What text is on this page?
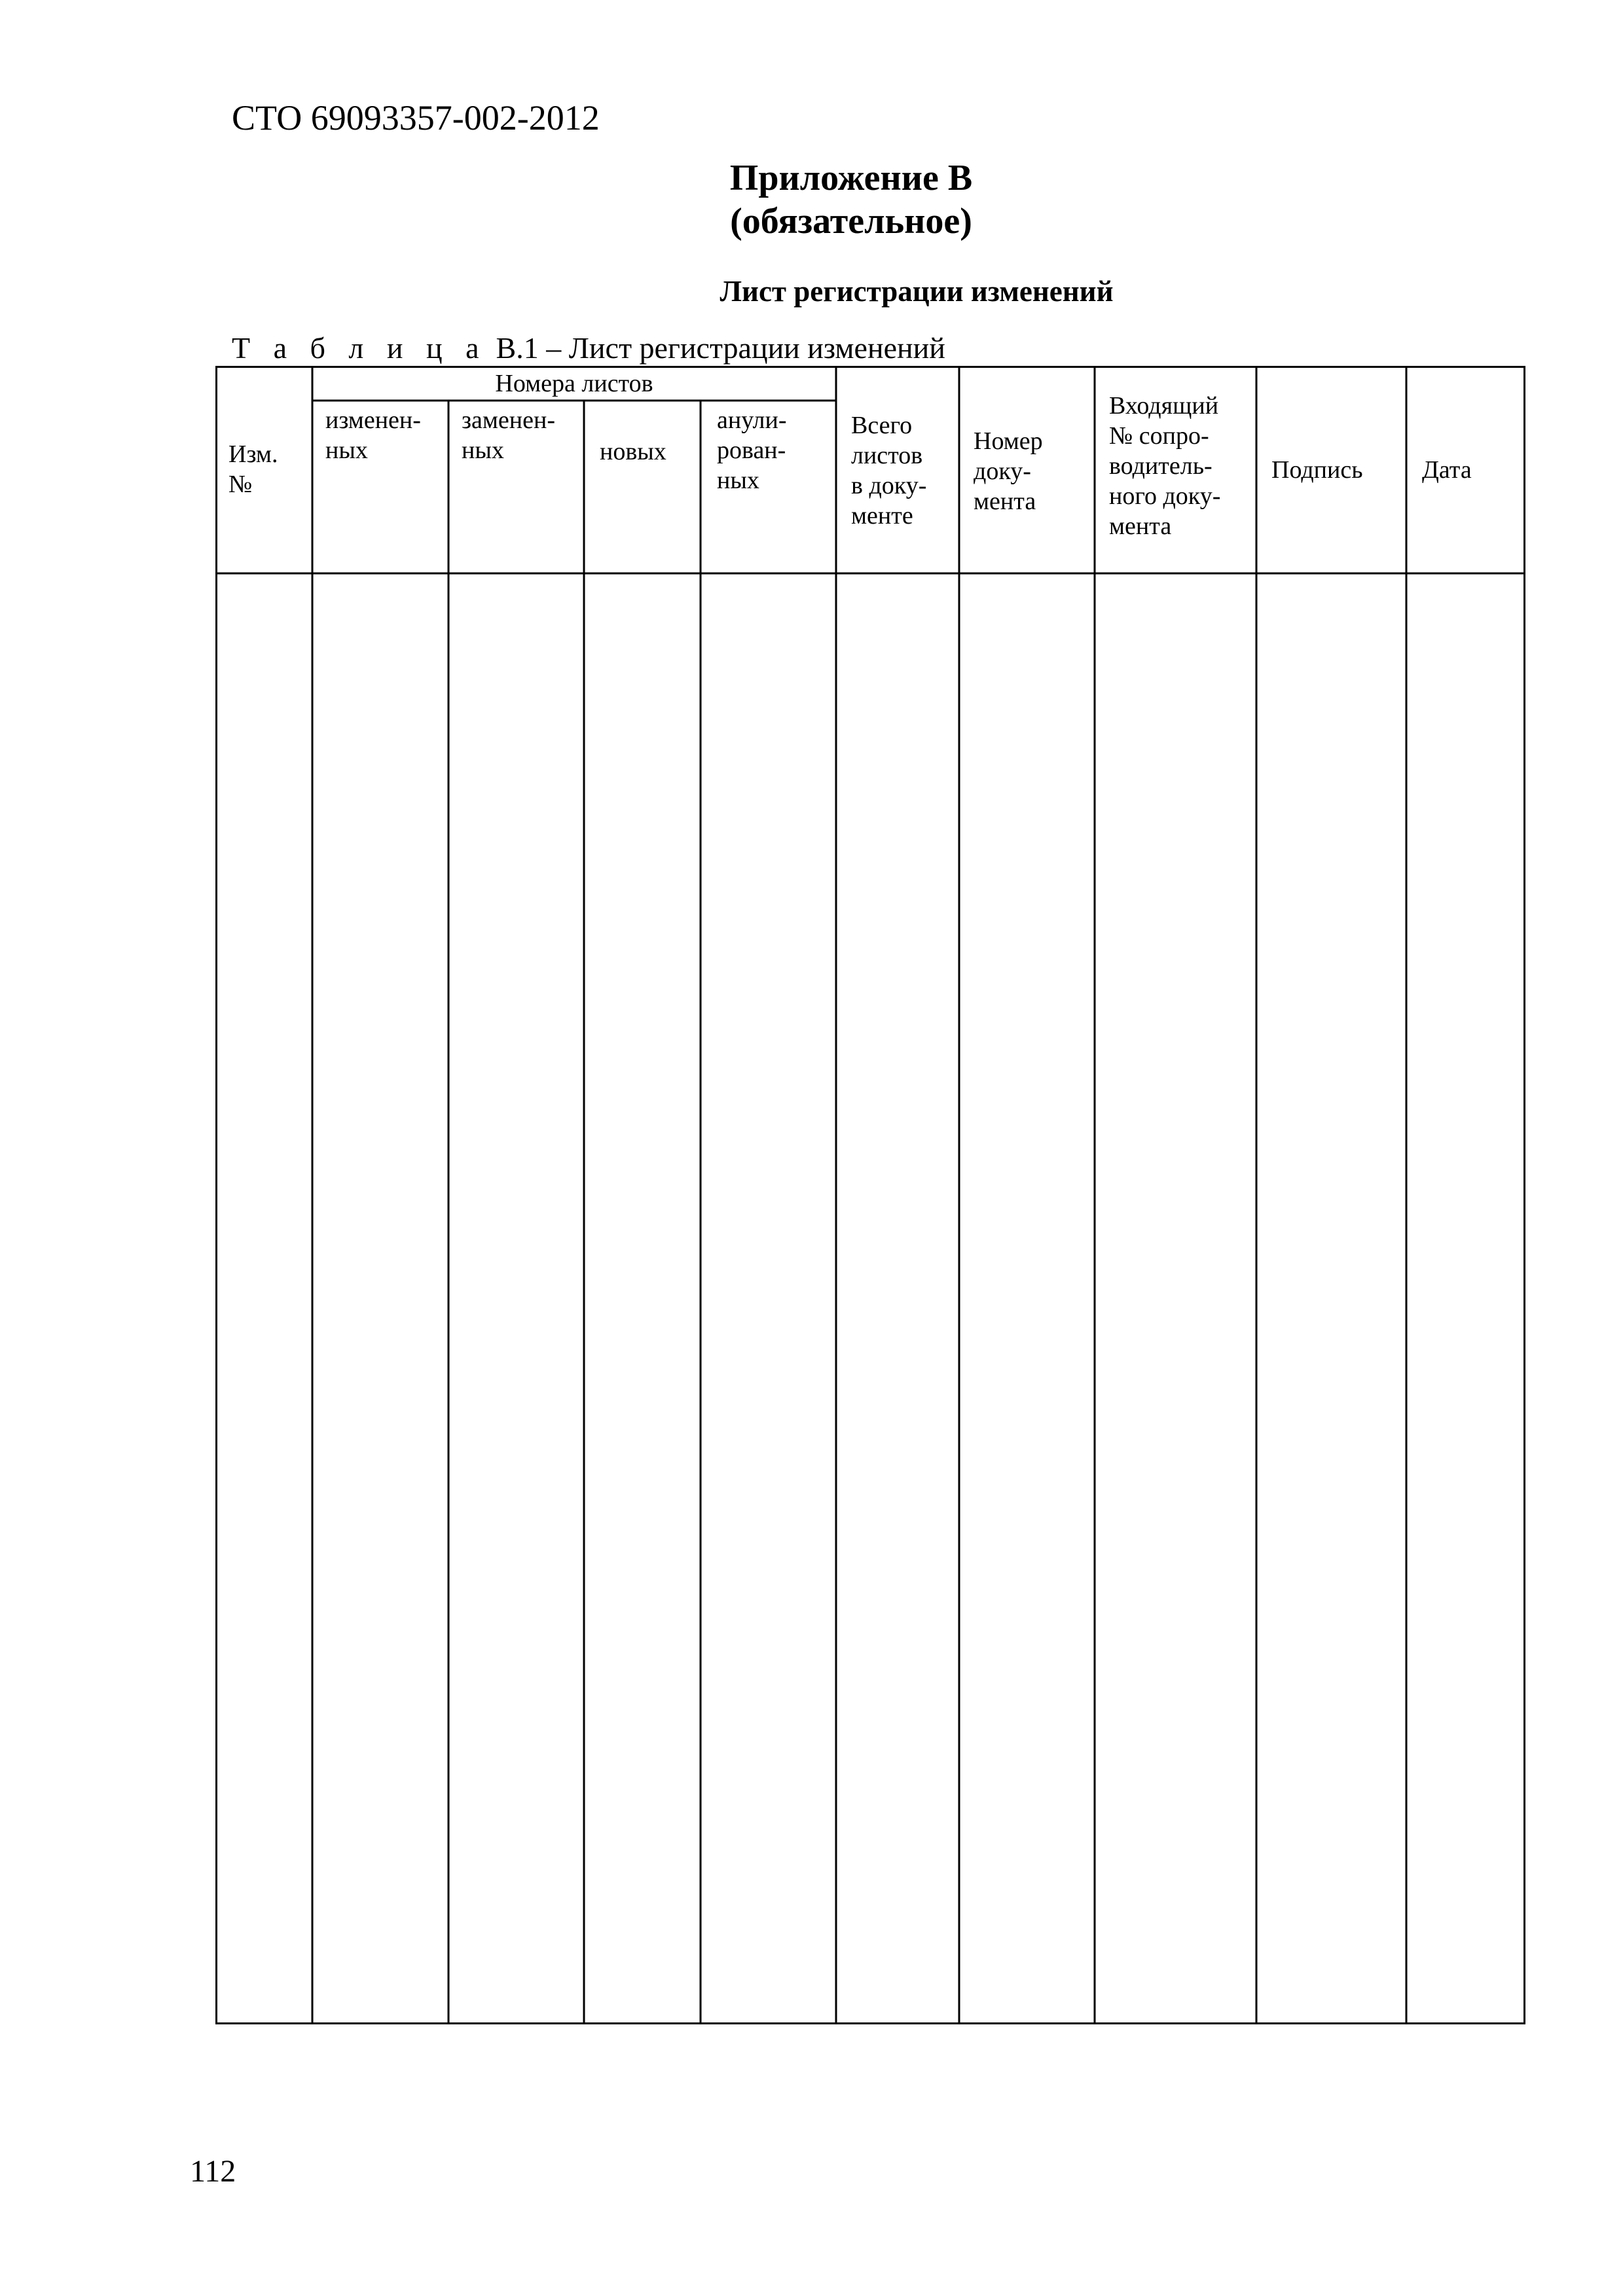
СТО 69093357-002-2012
Приложение В
(обязательное)
Лист регистрации изменений
Т а б л и ц а В.1 – Лист регистрации изменений
Номера листов
Изм.
№
изменен-
ных
заменен-
ных	новых
анули-
рован-
ных
Всего
листов
в доку-
менте
Номер
доку-
мента
Входящий
№ сопро-
водитель-
ного доку-
мента
Подпись Дата
112
